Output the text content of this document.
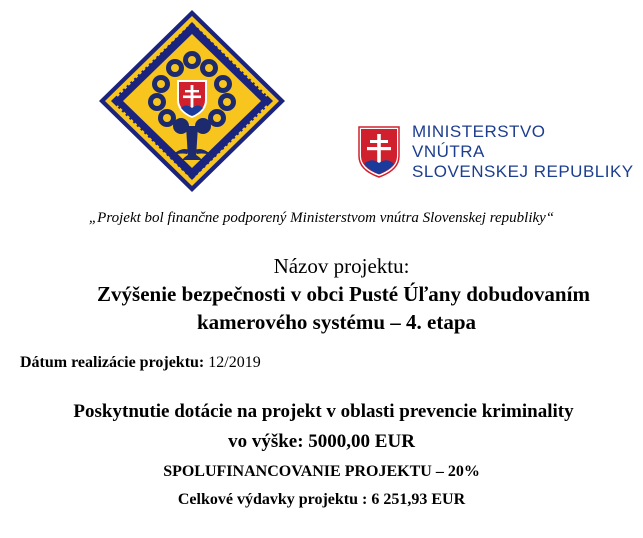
MINISTERSTVO
VNÚTRA
SLOVENSKEJ REPUBLIKY
„Projekt bol finančne podporený Ministerstvom vnútra Slovenskej republiky“
Názov projektu:
Zvýšenie bezpečnosti v obci Pusté Úľany dobudovaním
kamerového systému – 4. etapa
Dátum realizácie projektu: 12/2019
Poskytnutie dotácie na projekt v oblasti prevencie kriminality
vo výške: 5000,00 EUR
SPOLUFINANCOVANIE PROJEKTU – 20%
Celkové výdavky projektu : 6 251,93 EUR
